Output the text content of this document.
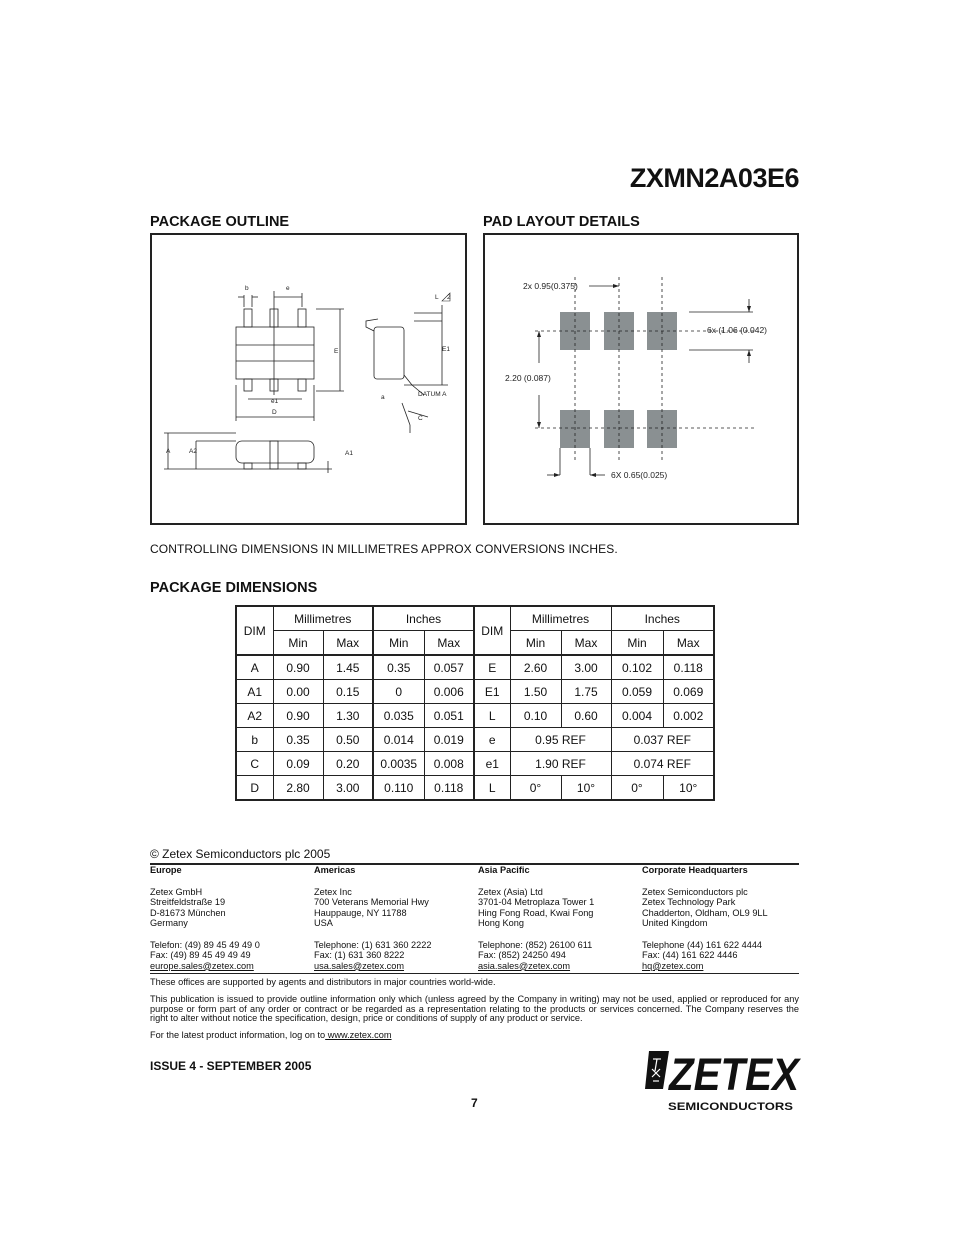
ZXMN2A03E6
PACKAGE OUTLINE	PAD LAYOUT DETAILS
b	e
L 2
E	E1
e1
D
a	DATUM A
C
A	A2	A1
2x 0.95(0.375)
6x (1.06 (0.042)
2.20 (0.087)
6X 0.65(0.025)
CONTROLLING DIMENSIONS IN MILLIMETRES APPROX CONVERSIONS INCHES.
PACKAGE DIMENSIONS
DIM	Millimetres		Inches		DIM	Millimetres		Inches	
	Min	Max	Min	Max		Min	Max	Min	Max
A	0.90	1.45	0.35	0.057	E	2.60	3.00	0.102	0.118
A1	0.00	0.15	0	0.006	E1	1.50	1.75	0.059	0.069
A2	0.90	1.30	0.035	0.051	L	0.10	0.60	0.004	0.002
b	0.35	0.50	0.014	0.019	e	0.95 REF		0.037 REF	
C	0.09	0.20	0.0035	0.008	e1	1.90 REF		0.074 REF	
D	2.80	3.00	0.110	0.118	L	0°	10°	0°	10°
© Zetex Semiconductors plc 2005
Europe
Zetex GmbH
Streitfeldstraße 19
D-81673 München
Germany
Telefon: (49) 89 45 49 49 0
Fax: (49) 89 45 49 49 49
europe.sales@zetex.com
Americas
Zetex Inc
700 Veterans Memorial Hwy
Hauppauge, NY 11788
USA
Telephone: (1) 631 360 2222
Fax: (1) 631 360 8222
usa.sales@zetex.com
Asia Pacific
Zetex (Asia) Ltd
3701-04 Metroplaza Tower 1
Hing Fong Road, Kwai Fong
Hong Kong
Telephone: (852) 26100 611
Fax: (852) 24250 494
asia.sales@zetex.com
Corporate Headquarters
Zetex Semiconductors plc
Zetex Technology Park
Chadderton, Oldham, OL9 9LL
United Kingdom
Telephone (44) 161 622 4444
Fax: (44) 161 622 4446
hq@zetex.com
These offices are supported by agents and distributors in major countries world-wide.
This publication is issued to provide outline information only which (unless agreed by the Company in writing) may not be used, applied or reproduced for any purpose or form part of any order or contract or be regarded as a representation relating to the products or services concerned. The Company reserves the right to alter without notice the specification, design, price or conditions of supply of any product or service.
For the latest product information, log on to www.zetex.com
ISSUE 4 - SEPTEMBER 2005
7
ZETEX
SEMICONDUCTORS
